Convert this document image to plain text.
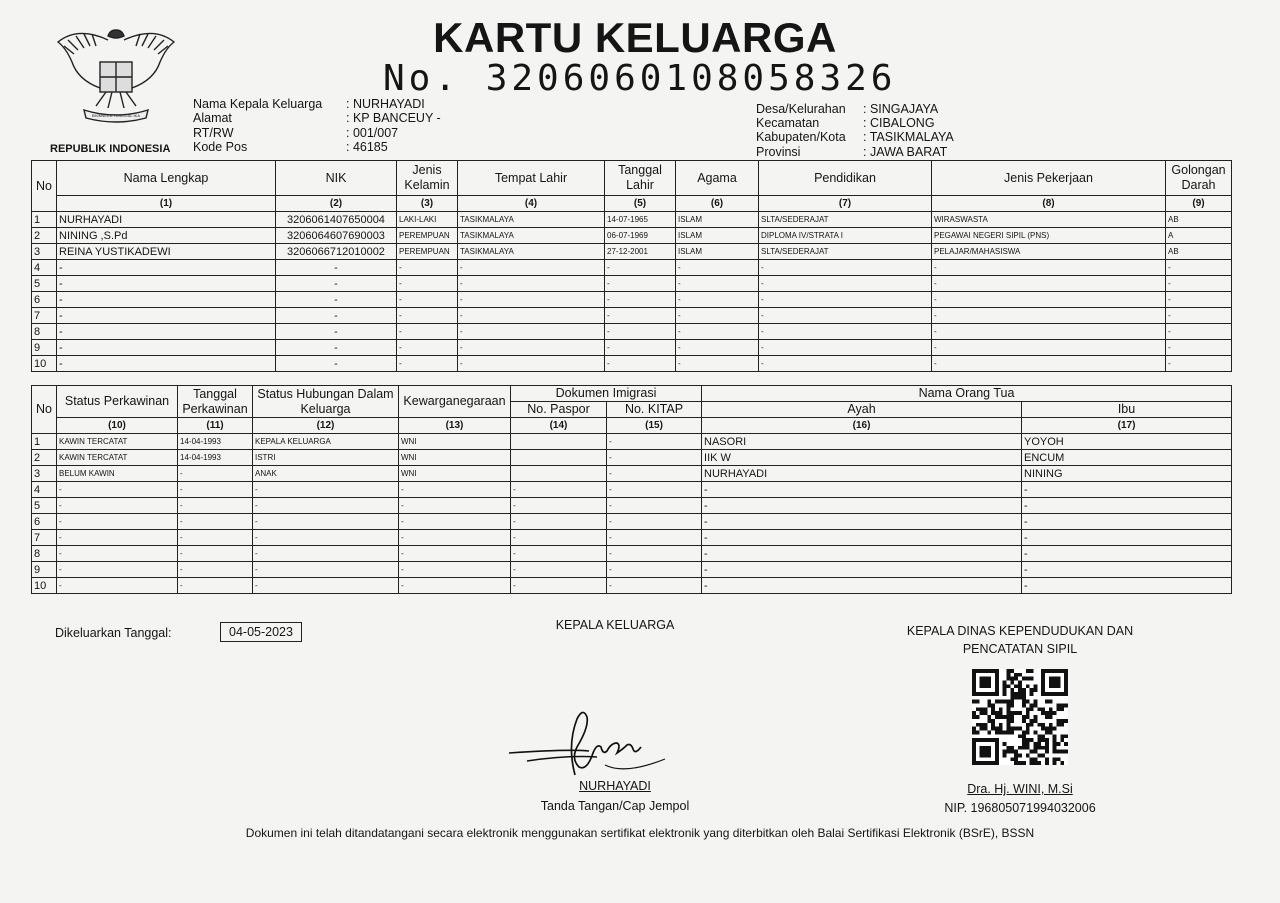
BHINNEKA TUNGGAL IKA
REPUBLIK INDONESIA
KARTU KELUARGA
No. 3206060108058326
Nama Kepala Keluarga : NURHAYADI
Alamat	: KP BANCEUY -
RT/RW	: 001/007
Kode Pos	: 46185
Desa/Kelurahan : SINGAJAYA
Kecamatan	: CIBALONG
Kabupaten/Kota : TASIKMALAYA
Provinsi	: JAWA BARAT
No	Nama Lengkap	NIK	Jenis Kelamin	Tempat Lahir	Tanggal Lahir	Agama	Pendidikan	Jenis Pekerjaan	Golongan Darah
	(1)	(2)	(3)	(4)	(5)	(6)	(7)	(8)	(9)
1	NURHAYADI	3206061407650004	LAKI-LAKI	TASIKMALAYA	14-07-1965	ISLAM	SLTA/SEDERAJAT	WIRASWASTA	AB
2	NINING ,S.Pd	3206064607690003	PEREMPUAN	TASIKMALAYA	06-07-1969	ISLAM	DIPLOMA IV/STRATA I	PEGAWAI NEGERI SIPIL (PNS)	A
3	REINA YUSTIKADEWI	3206066712010002	PEREMPUAN	TASIKMALAYA	27-12-2001	ISLAM	SLTA/SEDERAJAT	PELAJAR/MAHASISWA	AB
4	-	-	-	-	-	-	-	-	-
5	-	-	-	-	-	-	-	-	-
6	-	-	-	-	-	-	-	-	-
7	-	-	-	-	-	-	-	-	-
8	-	-	-	-	-	-	-	-	-
9	-	-	-	-	-	-	-	-	-
10	-	-	-	-	-	-	-	-	-
No	Status Perkawinan	Tanggal Perkawinan	Status Hubungan Dalam Keluarga	Kewarganegaraan	Dokumen Imigrasi		Nama Orang Tua	
					No. Paspor	No. KITAP	Ayah	Ibu
	(10)	(11)	(12)	(13)	(14)	(15)	(16)	(17)
1	KAWIN TERCATAT	14-04-1993	KEPALA KELUARGA	WNI		-	NASORI	YOYOH
2	KAWIN TERCATAT	14-04-1993	ISTRI	WNI		-	IIK W	ENCUM
3	BELUM KAWIN	-	ANAK	WNI		-	NURHAYADI	NINING
4	-	-	-	-	-	-	-	-
5	-	-	-	-	-	-	-	-
6	-	-	-	-	-	-	-	-
7	-	-	-	-	-	-	-	-
8	-	-	-	-	-	-	-	-
9	-	-	-	-	-	-	-	-
10	-	-	-	-	-	-	-	-
Dikeluarkan Tanggal:	04-05-2023	KEPALA KELUARGA	KEPALA DINAS KEPENDUDUKAN DAN
PENCATATAN SIPIL
NURHAYADI
Tanda Tangan/Cap Jempol
Dra. Hj. WINI, M.Si
NIP. 196805071994032006
Dokumen ini telah ditandatangani secara elektronik menggunakan sertifikat elektronik yang diterbitkan oleh Balai Sertifikasi Elektronik (BSrE), BSSN
